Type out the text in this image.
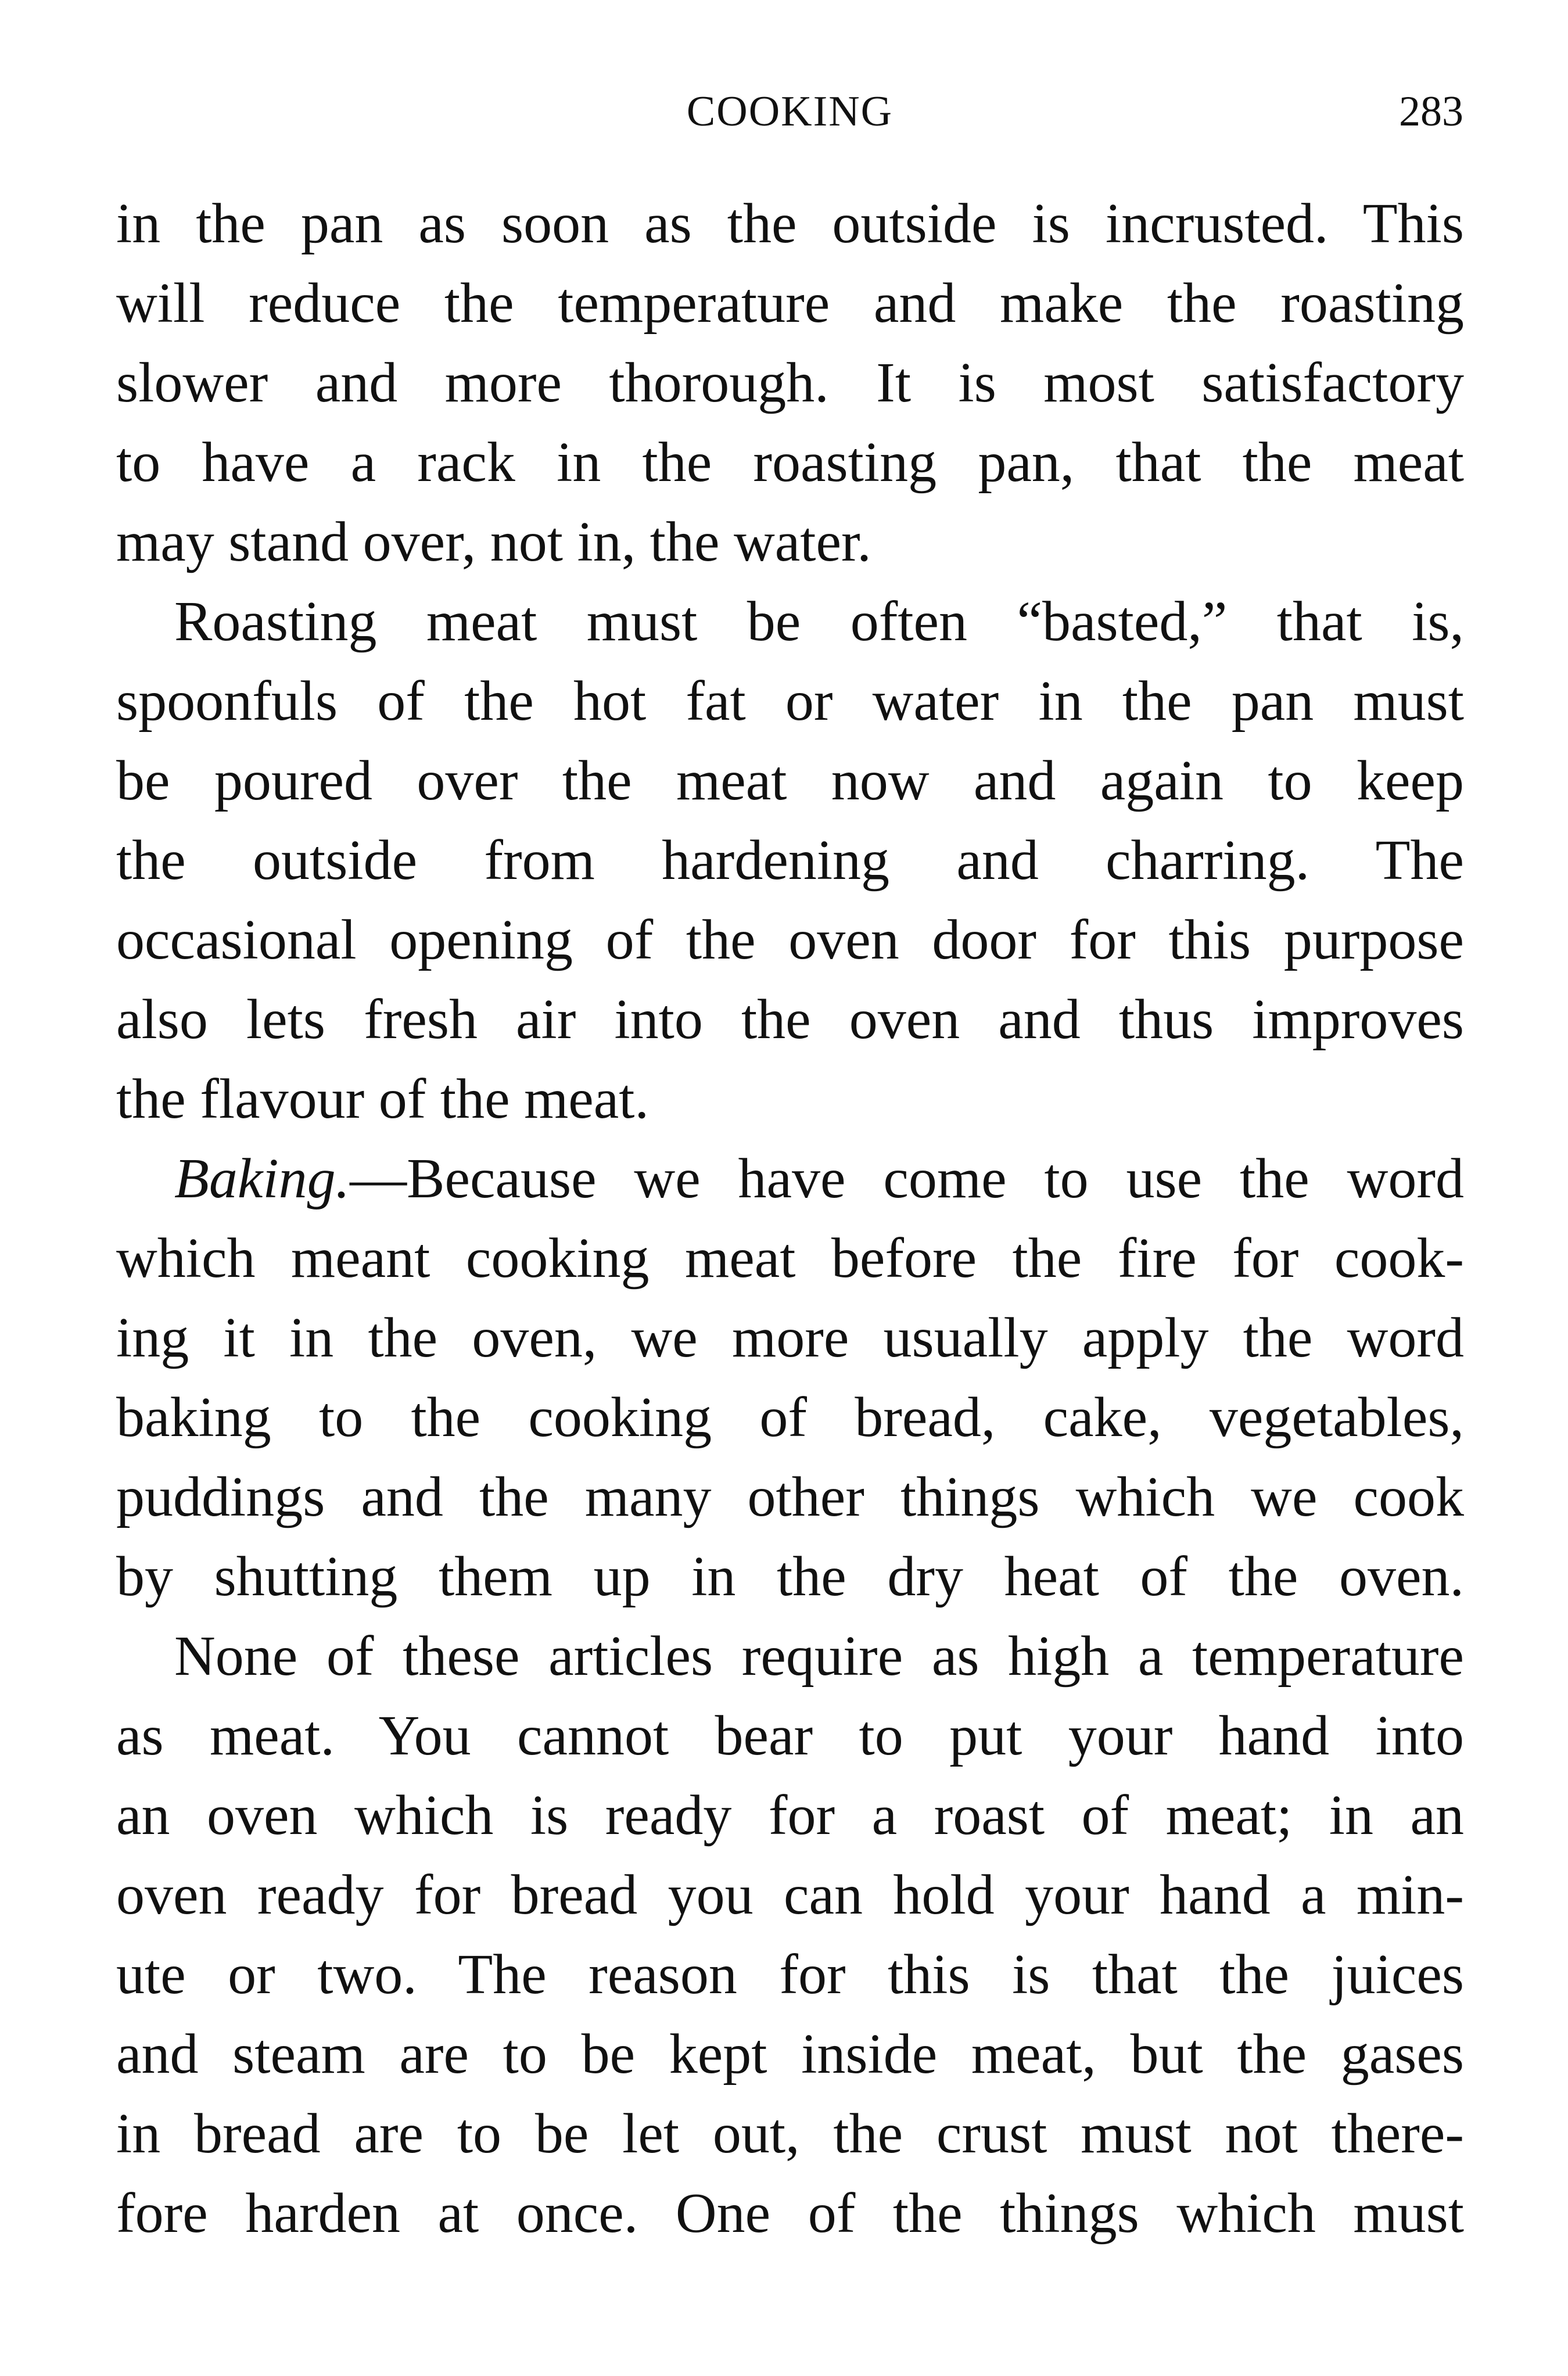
COOKING	283
in the pan as soon as the outside is incrusted. This
will reduce the temperature and make the roasting
slower and more thorough. It is most satisfactory
to have a rack in the roasting pan, that the meat
may stand over, not in, the water.
Roasting meat must be often “basted,” that is,
spoonfuls of the hot fat or water in the pan must
be poured over the meat now and again to keep
the outside from hardening and charring. The
occasional opening of the oven door for this purpose
also lets fresh air into the oven and thus improves
the flavour of the meat.
Baking.—Because we have come to use the word
which meant cooking meat before the fire for cook-
ing it in the oven, we more usually apply the word
baking to the cooking of bread, cake, vegetables,
puddings and the many other things which we cook
by shutting them up in the dry heat of the oven.
None of these articles require as high a temperature
as meat. You cannot bear to put your hand into
an oven which is ready for a roast of meat; in an
oven ready for bread you can hold your hand a min-
ute or two. The reason for this is that the juices
and steam are to be kept inside meat, but the gases
in bread are to be let out, the crust must not there-
fore harden at once. One of the things which must
